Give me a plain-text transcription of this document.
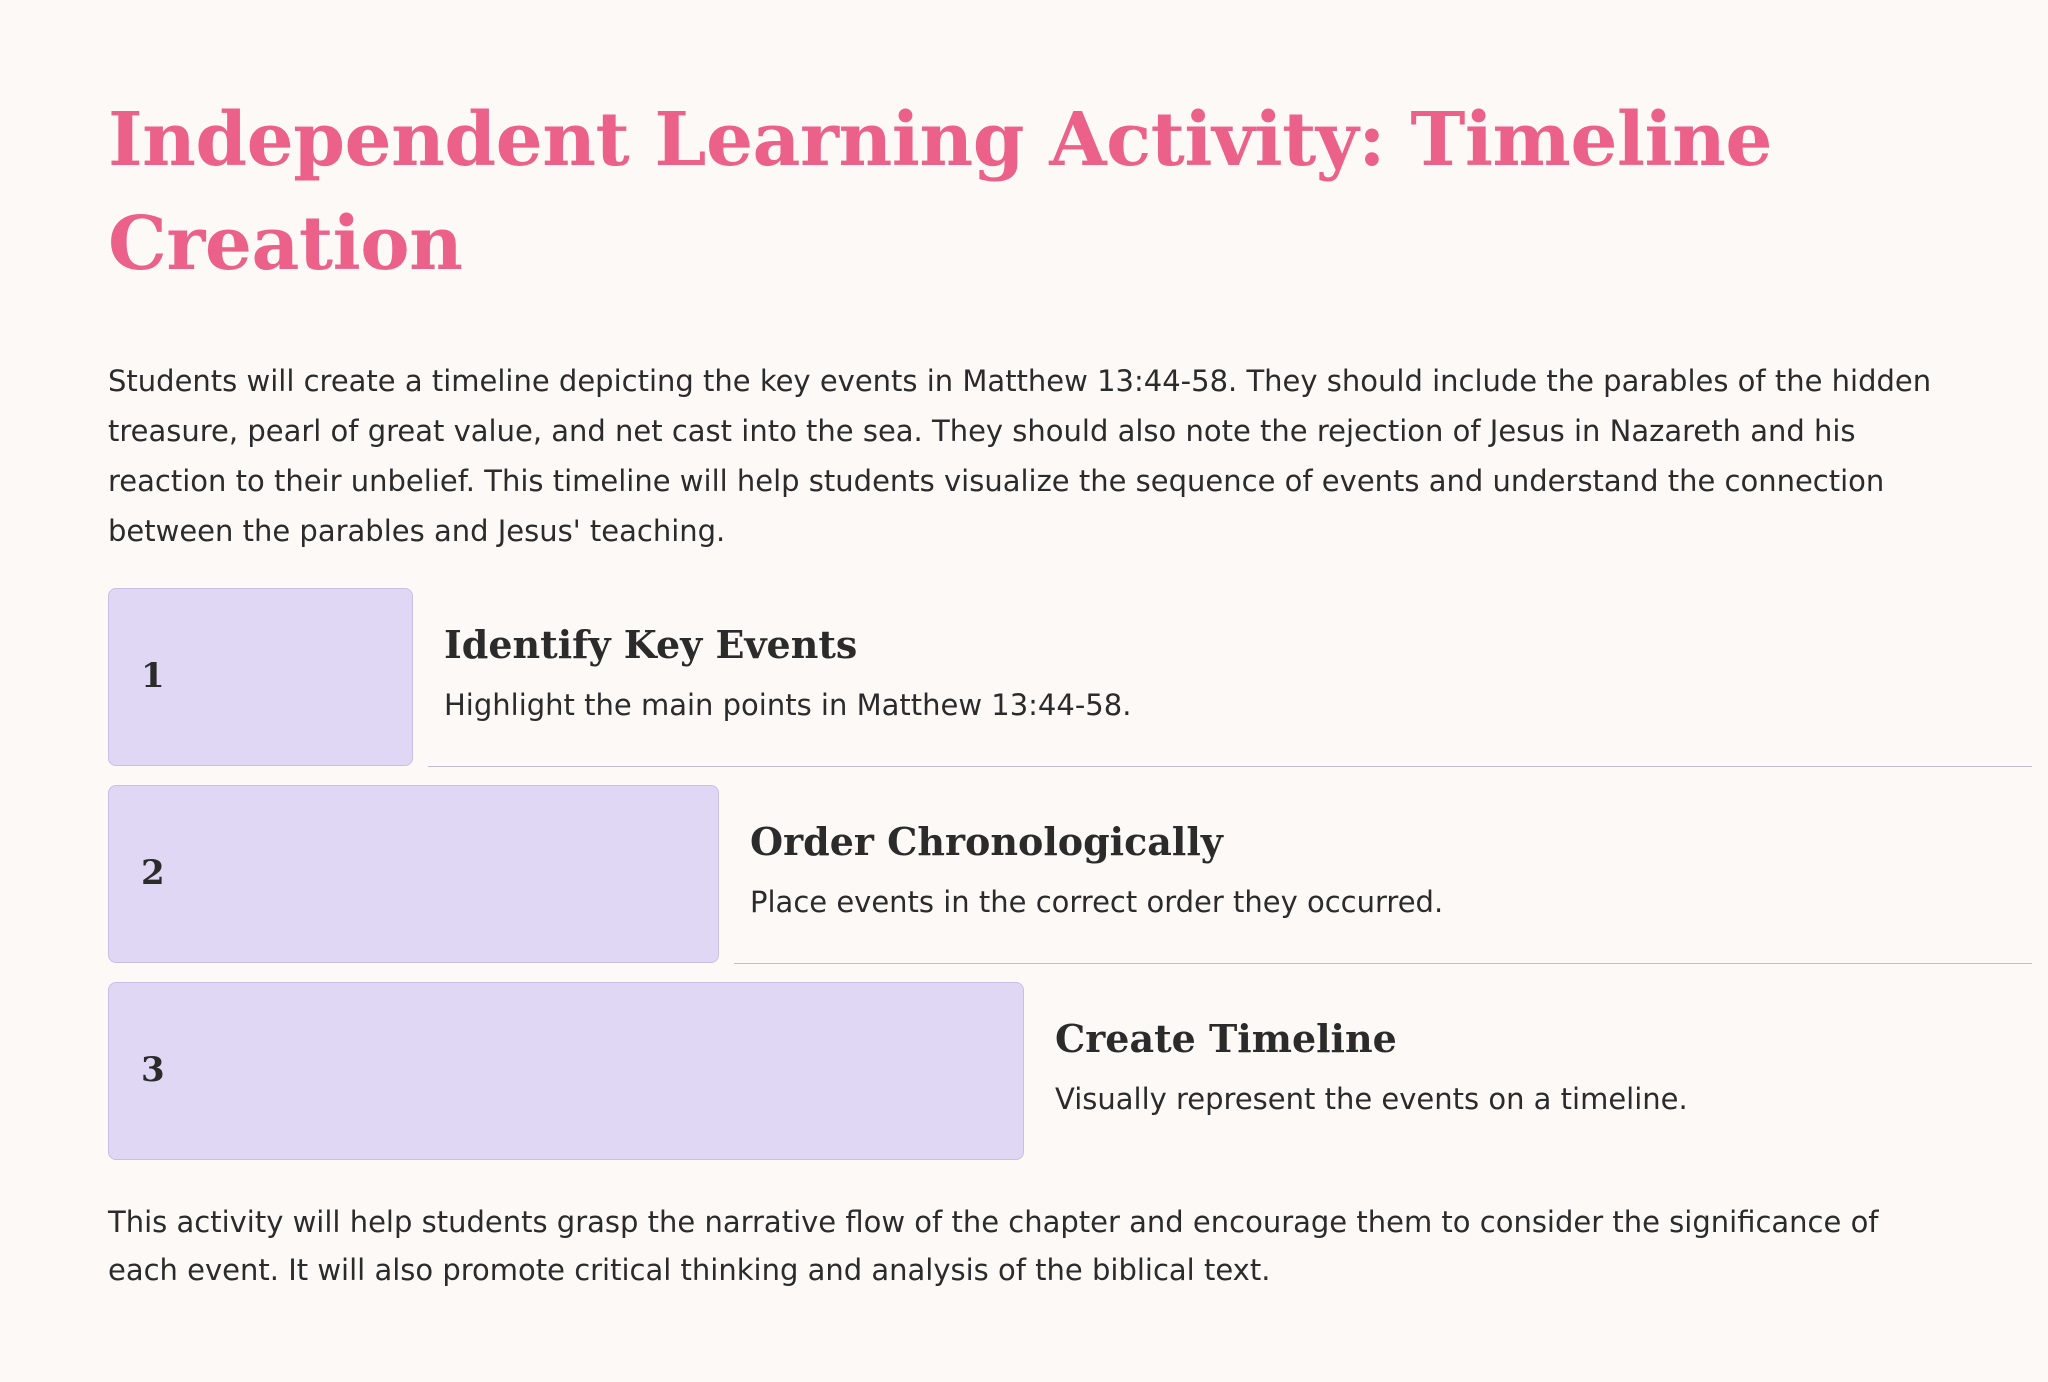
Independent Learning Activity: Timeline Creation

Students will create a timeline depicting the key events in Matthew 13:44-58. They should include the parables of the hidden treasure, pearl of great value, and net cast into the sea. They should also note the rejection of Jesus in Nazareth and his reaction to their unbelief. This timeline will help students visualize the sequence of events and understand the connection between the parables and Jesus' teaching.

1
Identify Key Events

Highlight the main points in Matthew 13:44-58.

2
Order Chronologically

Place events in the correct order they occurred.

3
Create Timeline

Visually represent the events on a timeline.

This activity will help students grasp the narrative flow of the chapter and encourage them to consider the significance of each event. It will also promote critical thinking and analysis of the biblical text.
